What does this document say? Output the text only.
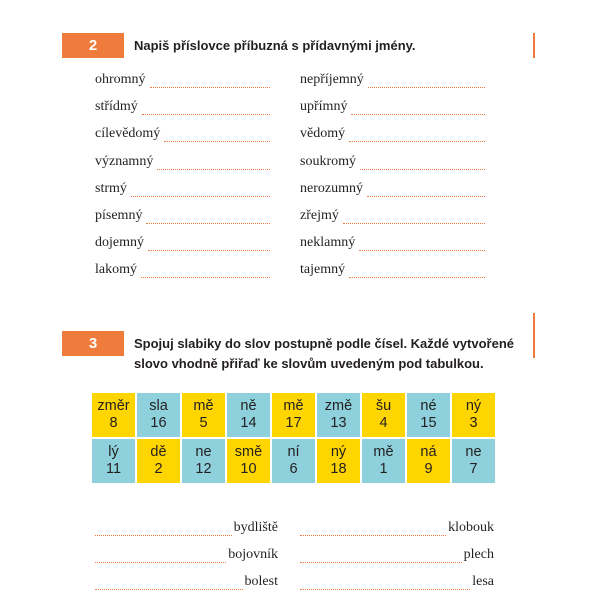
2	Napiš příslovce příbuzná s přídavnými jmény.
ohromný
střídmý
cílevědomý
významný
strmý
písemný
dojemný
lakomý
nepříjemný
upřímný
vědomý
soukromý
nerozumný
zřejmý
neklamný
tajemný
3	Spojuj slabiky do slov postupně podle čísel. Každé vytvořené
slovo vhodně přiřaď ke slovům uvedeným pod tabulkou.
změr
8
sla
16
mě
5
ně
14
mě
17
změ
13
šu
4
né
15
ný
3
lý
11
dě
2
ne
12
smě
10
ní
6
ný
18
mě
1
ná
9
ne
7
bydliště
bojovník
bolest
klobouk
plech
lesa
